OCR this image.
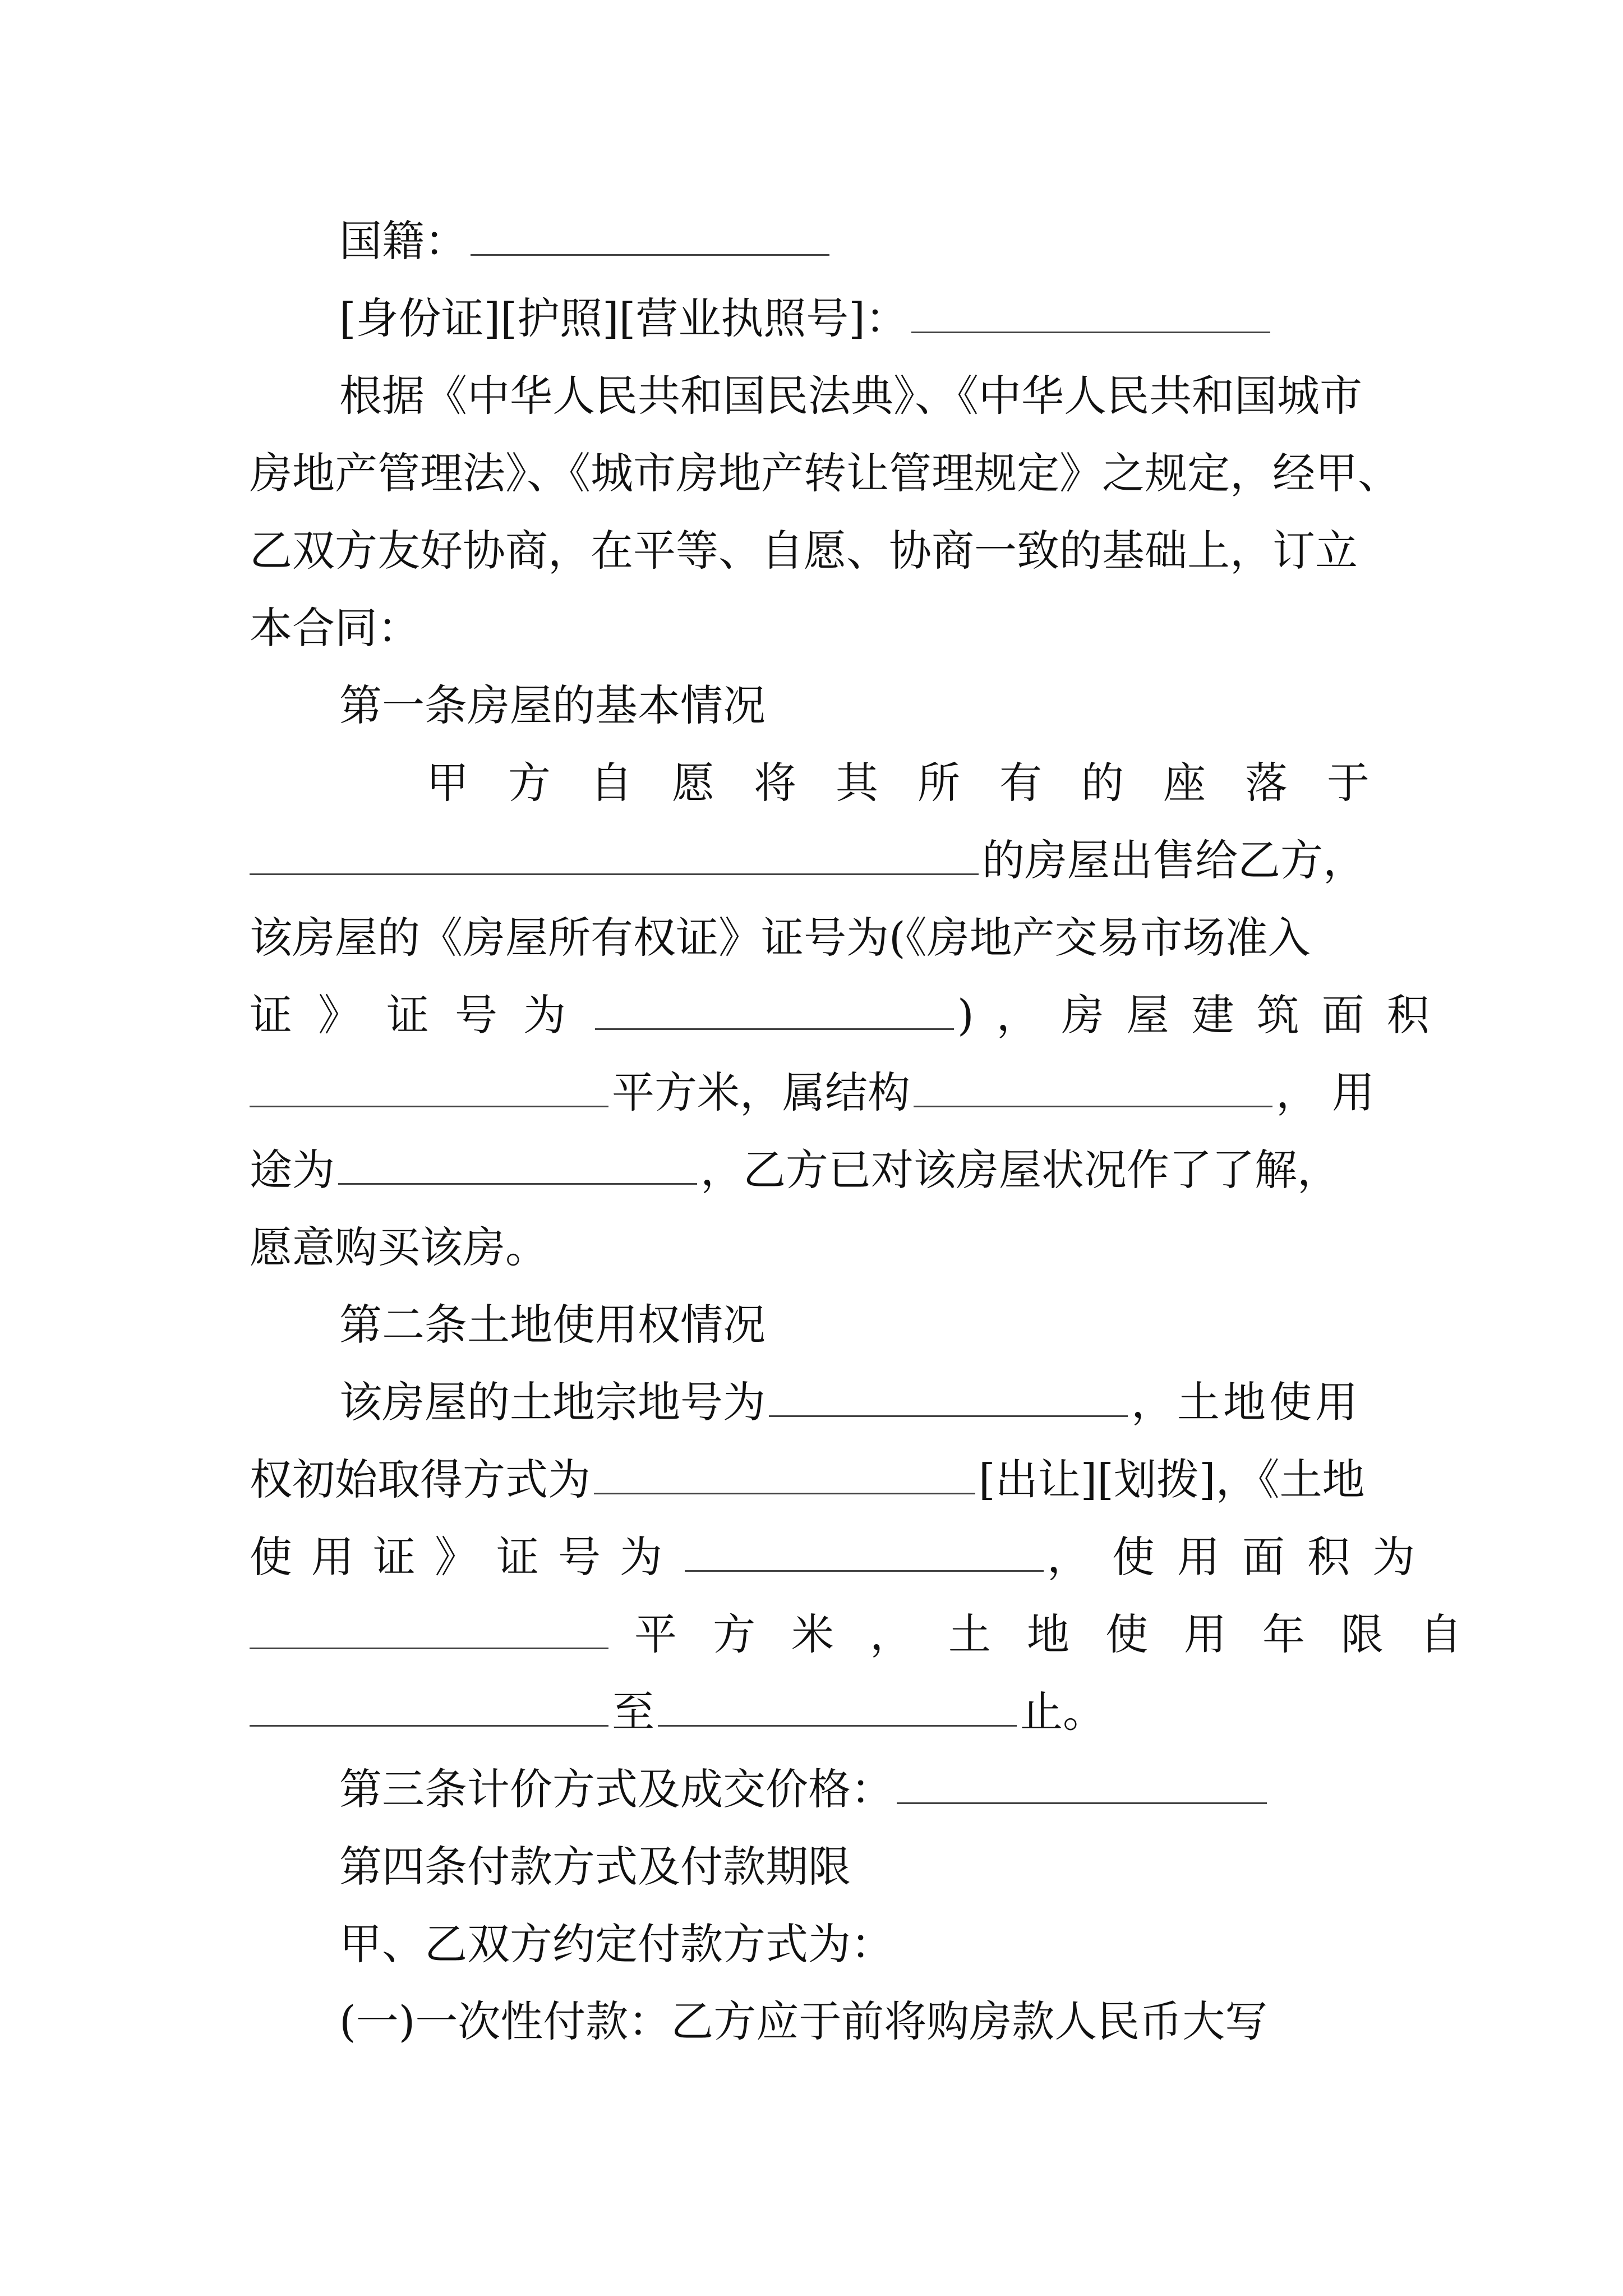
国籍：
[身份证][护照][营业执照号]：
根据《中华人民共和国民法典》、《中华人民共和国城市
房地产管理法》、《城市房地产转让管理规定》之规定，经甲、
乙双方友好协商，在平等、自愿、协商一致的基础上，订立
本合同：
第一条房屋的基本情况
甲方自愿将其所有的座落于
的房屋出售给乙方，
该房屋的《房屋所有权证》证号为(《房地产交易市场准入
证》证号为	)，房屋建筑面积
平方米，属结构	，用
途为	，乙方已对该房屋状况作了了解，
愿意购买该房。
第二条土地使用权情况
该房屋的土地宗地号为	，土地使用
权初始取得方式为	[出让][划拨]，《土地
使用证》证号为	，使用面积为
平方米，土地使用年限自
至	止。
第三条计价方式及成交价格：
第四条付款方式及付款期限
甲、乙双方约定付款方式为：
(一)一次性付款：乙方应于前将购房款人民币大写
